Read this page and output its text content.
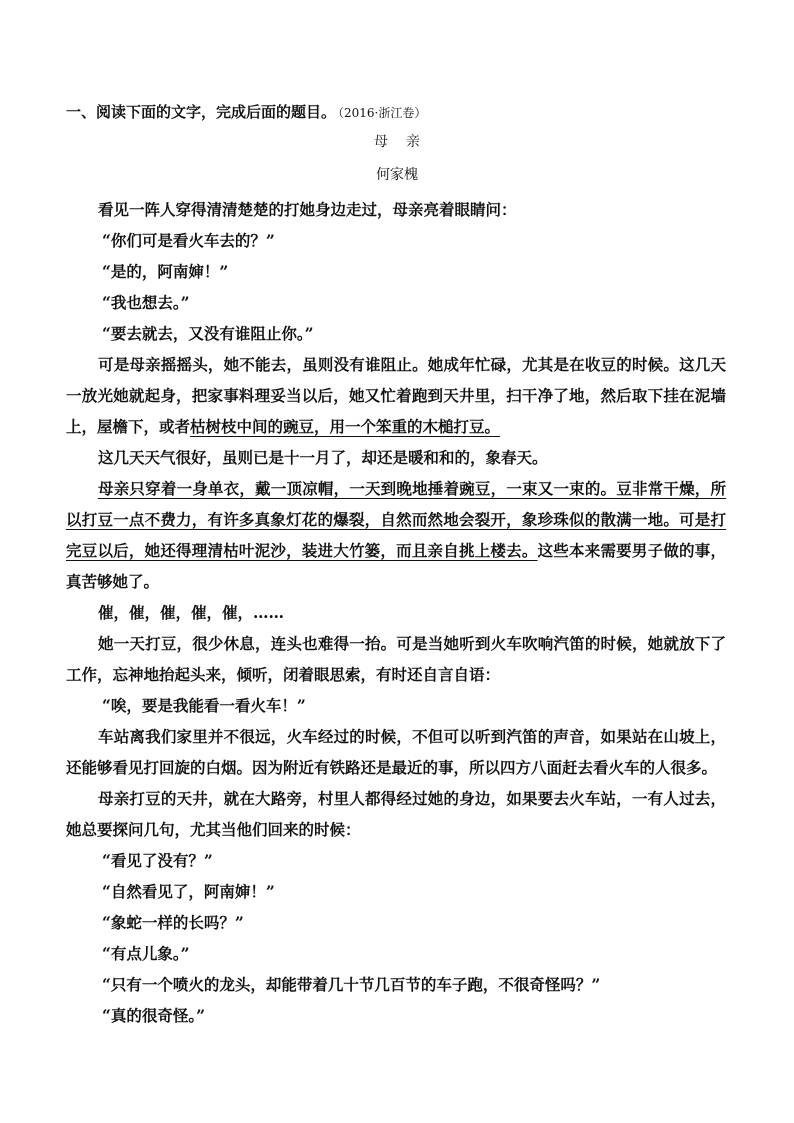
一、阅读下面的文字，完成后面的题目。 （2016·浙江卷）
母 亲
何家槐

看见一阵人穿得清清楚楚的打她身边走过，母亲亮着眼睛问：

“你们可是看火车去的？”

“是的，阿南婶！”

“我也想去。”

“要去就去，又没有谁阻止你。”

可是母亲摇摇头，她不能去，虽则没有谁阻止。她成年忙碌，尤其是在收豆的时候。这几天一放光她就起身，把家事料理妥当以后，她又忙着跑到天井里，扫干净了地，然后取下挂在泥墙上，屋檐下，或者枯树枝中间的豌豆，用一个笨重的木槌打豆。

这几天天气很好，虽则已是十一月了，却还是暖和和的，象春天。

母亲只穿着一身单衣，戴一顶凉帽，一天到晚地捶着豌豆，一束又一束的。豆非常干燥，所以打豆一点不费力，有许多真象灯花的爆裂，自然而然地会裂开，象珍珠似的散满一地。可是打完豆以后，她还得理清枯叶泥沙，装进大竹篓，而且亲自挑上楼去。这些本来需要男子做的事，真苦够她了。

催，催，催，催，催，……

她一天打豆，很少休息，连头也难得一抬。可是当她听到火车吹响汽笛的时候，她就放下了工作，忘神地抬起头来，倾听，闭着眼思索，有时还自言自语：

“唉，要是我能看一看火车！”

车站离我们家里并不很远，火车经过的时候，不但可以听到汽笛的声音，如果站在山坡上，还能够看见打回旋的白烟。因为附近有铁路还是最近的事，所以四方八面赶去看火车的人很多。

母亲打豆的天井，就在大路旁，村里人都得经过她的身边，如果要去火车站，一有人过去，她总要探问几句，尤其当他们回来的时候：

“看见了没有？”

“自然看见了，阿南婶！”

“象蛇一样的长吗？”

“有点儿象。”

“只有一个喷火的龙头，却能带着几十节几百节的车子跑，不很奇怪吗？”

“真的很奇怪。”
